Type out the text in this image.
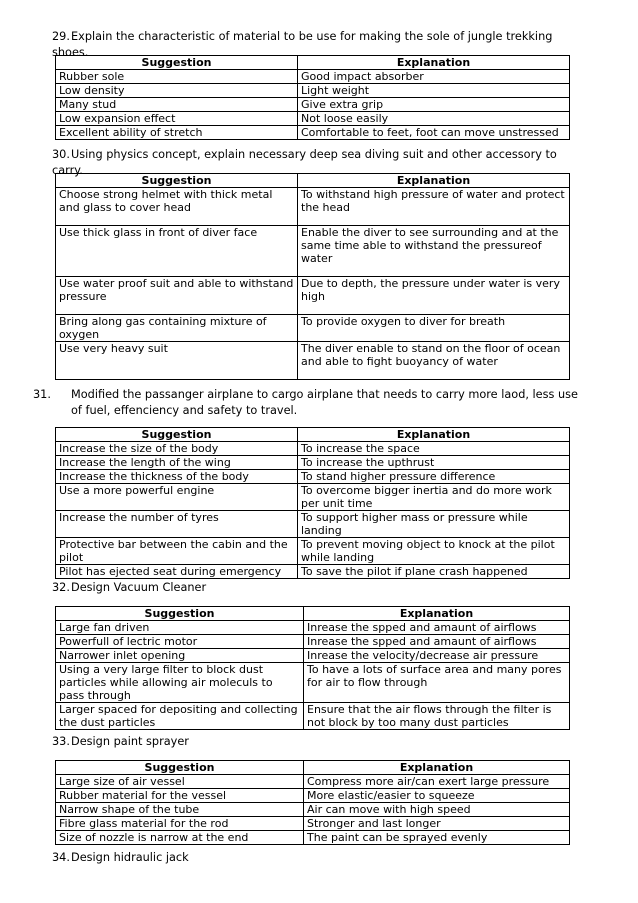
29.Explain the characteristic of material to be use for making the sole of jungle trekking shoes.
Suggestion	Explanation
Rubber sole	Good impact absorber
Low density	Light weight
Many stud	Give extra grip
Low expansion effect	Not loose easily
Excellent ability of stretch	Comfortable to feet, foot can move unstressed
30.Using physics concept, explain necessary deep sea diving suit and other accessory to carry.
Suggestion	Explanation
Choose strong helmet with thick metal and glass to cover head	To withstand high pressure of water and protect the head
Use thick glass in front of diver face	Enable the diver to see surrounding and at the same time able to withstand the pressureof water
Use water proof suit and able to withstand pressure	Due to depth, the pressure under water is very high
Bring along gas containing mixture of oxygen	To provide oxygen to diver for breath
Use very heavy suit	The diver enable to stand on the floor of ocean and able to fight buoyancy of water
31. Modified the passanger airplane to cargo airplane that needs to carry more laod, less use of fuel, effenciency and safety to travel.
Suggestion	Explanation
Increase the size of the body	To increase the space
Increase the length of the wing	To increase the upthrust
Increase the thickness of the body	To stand higher pressure difference
Use a more powerful engine	To overcome bigger inertia and do more work per unit time
Increase the number of tyres	To support higher mass or pressure while landing
Protective bar between the cabin and the pilot	To prevent moving object to knock at the pilot while landing
Pilot has ejected seat during emergency	To save the pilot if plane crash happened
32.Design Vacuum Cleaner
Suggestion	Explanation
Large fan driven	Inrease the spped and amaunt of airflows
Powerfull of lectric motor	Inrease the spped and amaunt of airflows
Narrower inlet opening	Inrease the velocity/decrease air pressure
Using a very large filter to block dust particles while allowing air moleculs to pass through	To have a lots of surface area and many pores for air to flow through
Larger spaced for depositing and collecting the dust particles	Ensure that the air flows through the filter is not block by too many dust particles
33.Design paint sprayer
Suggestion	Explanation
Large size of air vessel	Compress more air/can exert large pressure
Rubber material for the vessel	More elastic/easier to squeeze
Narrow shape of the tube	Air can move with high speed
Fibre glass material for the rod	Stronger and last longer
Size of nozzle is narrow at the end	The paint can be sprayed evenly
34.Design hidraulic jack
